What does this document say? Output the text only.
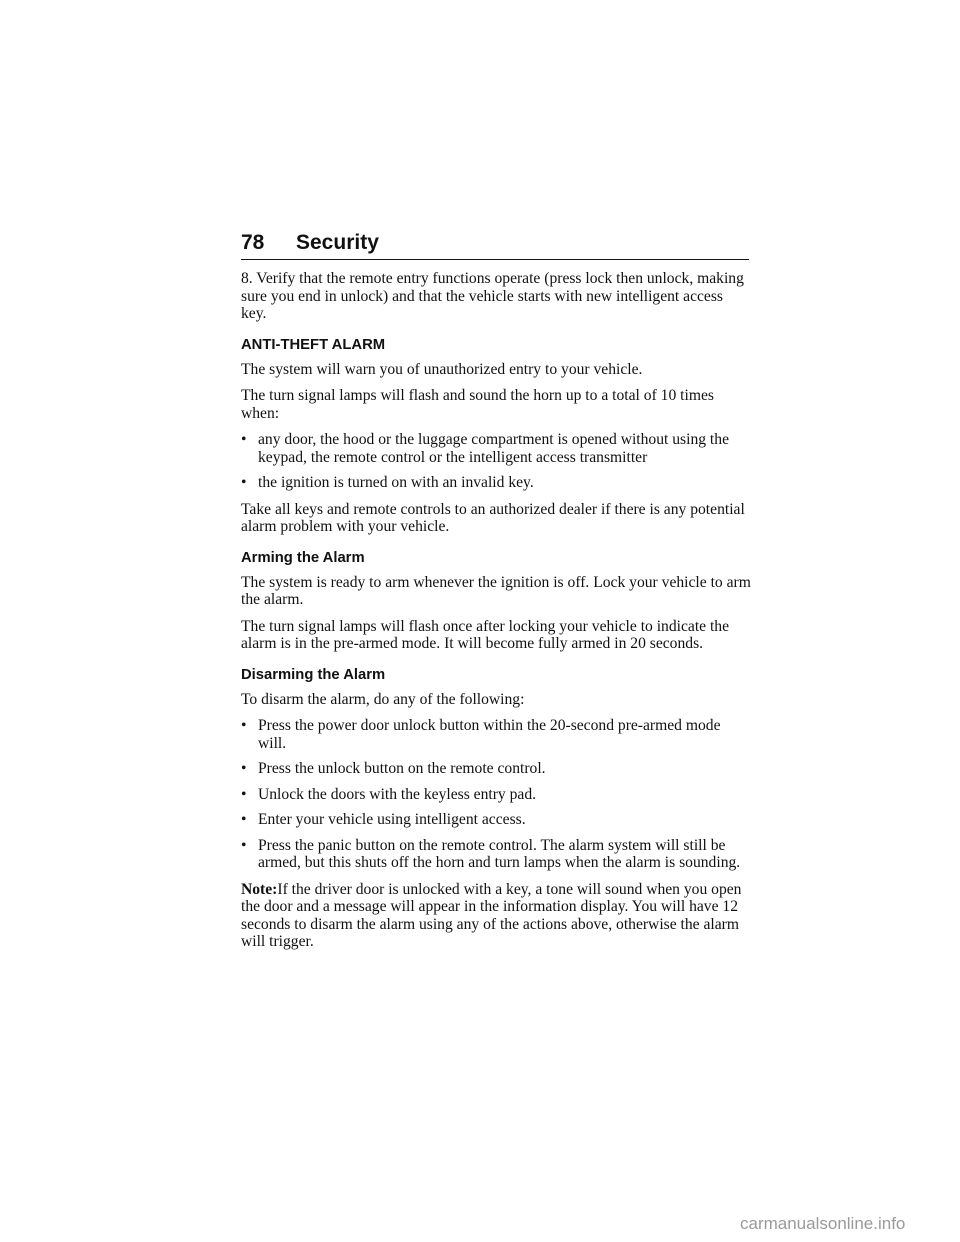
78 Security

8. Verify that the remote entry functions operate (press lock then unlock, making sure you end in unlock) and that the vehicle starts with new intelligent access key.

ANTI-THEFT ALARM

The system will warn you of unauthorized entry to your vehicle.

The turn signal lamps will flash and sound the horn up to a total of 10 times when:

• any door, the hood or the luggage compartment is opened without using the keypad, the remote control or the intelligent access transmitter
• the ignition is turned on with an invalid key.

Take all keys and remote controls to an authorized dealer if there is any potential alarm problem with your vehicle.

Arming the Alarm

The system is ready to arm whenever the ignition is off. Lock your vehicle to arm the alarm.

The turn signal lamps will flash once after locking your vehicle to indicate the alarm is in the pre-armed mode. It will become fully armed in 20 seconds.

Disarming the Alarm

To disarm the alarm, do any of the following:

• Press the power door unlock button within the 20-second pre-armed mode will.
• Press the unlock button on the remote control.
• Unlock the doors with the keyless entry pad.
• Enter your vehicle using intelligent access.
• Press the panic button on the remote control. The alarm system will still be armed, but this shuts off the horn and turn lamps when the alarm is sounding.

Note:If the driver door is unlocked with a key, a tone will sound when you open the door and a message will appear in the information display. You will have 12 seconds to disarm the alarm using any of the actions above, otherwise the alarm will trigger.

carmanualsonline.info
